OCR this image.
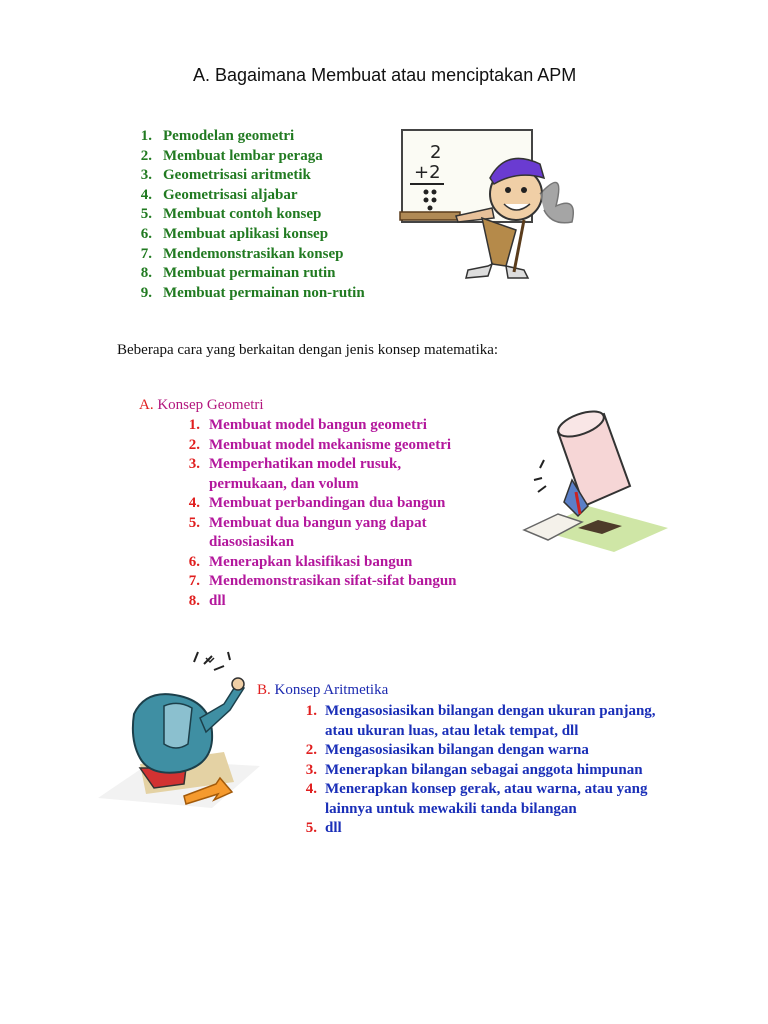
A. Bagaimana Membuat atau menciptakan APM
1. Pemodelan geometri
2. Membuat lembar peraga
3. Geometrisasi aritmetik
4. Geometrisasi aljabar
5. Membuat contoh konsep
6. Membuat aplikasi konsep
7. Mendemonstrasikan konsep
8. Membuat permainan rutin
9. Membuat permainan non-rutin
2
+2
Beberapa cara yang berkaitan dengan jenis konsep matematika:
A. Konsep Geometri
1. Membuat model bangun geometri
2. Membuat model mekanisme geometri
3. Memperhatikan model rusuk, permukaan, dan volum
4. Membuat perbandingan dua bangun
5. Membuat dua bangun yang dapat diasosiasikan
6. Menerapkan klasifikasi bangun
7. Mendemonstrasikan sifat-sifat bangun
8. dll
B. Konsep Aritmetika
1. Mengasosiasikan bilangan dengan ukuran panjang, atau ukuran luas, atau letak tempat, dll
2. Mengasosiasikan bilangan dengan warna
3. Menerapkan bilangan sebagai anggota himpunan
4. Menerapkan konsep gerak, atau warna, atau yang lainnya untuk mewakili tanda bilangan
5. dll
